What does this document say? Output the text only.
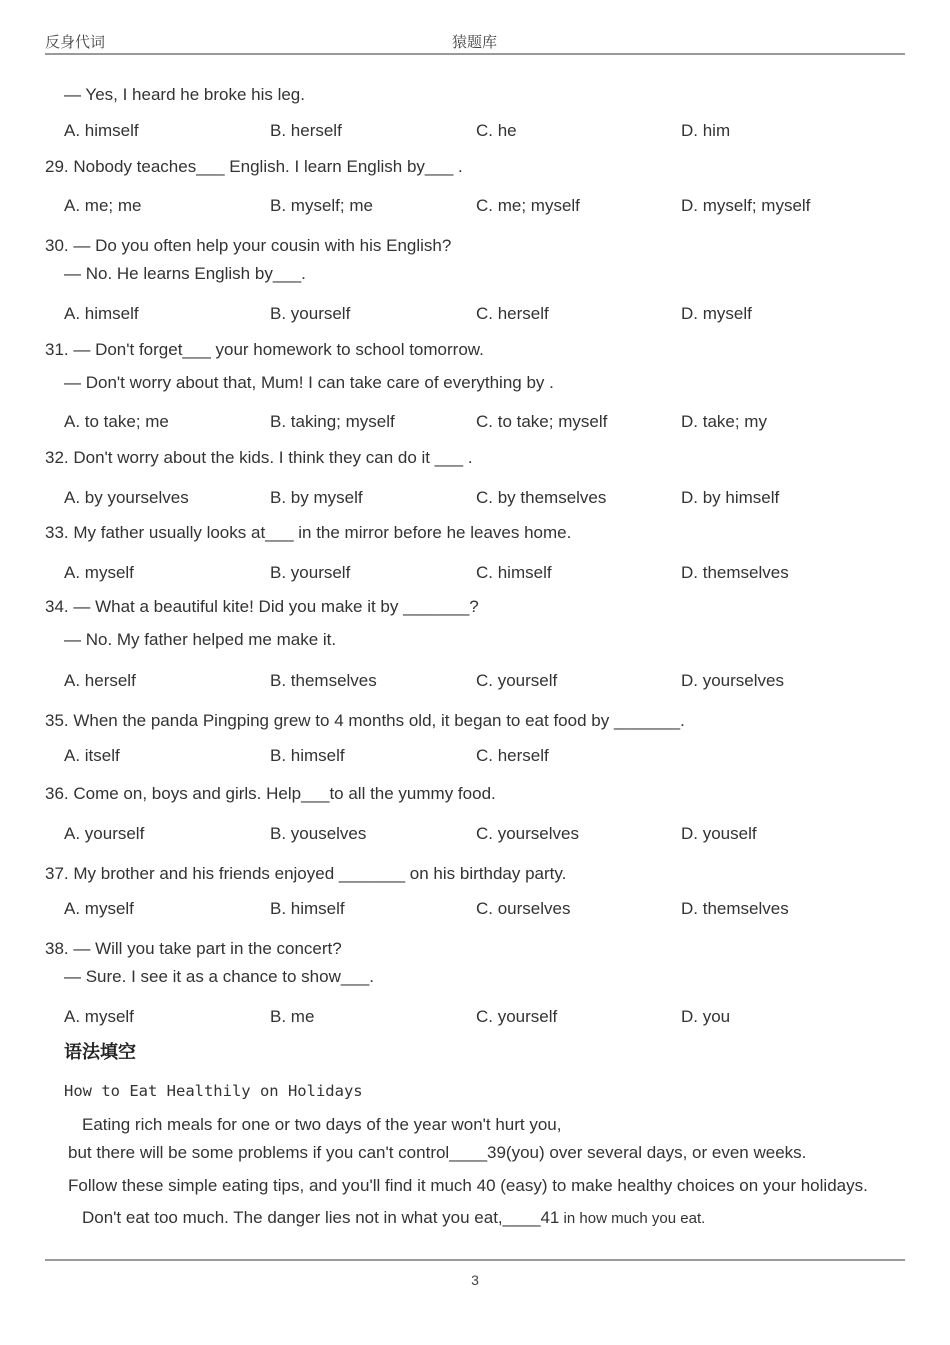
反身代词	猿题库
— Yes, I heard he broke his leg.
A. himself	B. herself	C. he	D. him
29. Nobody teaches___ English. I learn English by___ .
A. me; me	B. myself; me	C. me; myself	D. myself; myself
30. — Do you often help your cousin with his English?
— No. He learns English by___.
A. himself	B. yourself	C. herself	D. myself
31. — Don't forget___ your homework to school tomorrow.
— Don't worry about that, Mum! I can take care of everything by .
A. to take; me	B. taking; myself	C. to take; myself	D. take; my
32. Don't worry about the kids. I think they can do it ___ .
A. by yourselves	B. by myself	C. by themselves	D. by himself
33. My father usually looks at___ in the mirror before he leaves home.
A. myself	B. yourself	C. himself	D. themselves
34. — What a beautiful kite! Did you make it by _______?
— No. My father helped me make it.
A. herself	B. themselves	C. yourself	D. yourselves
35. When the panda Pingping grew to 4 months old, it began to eat food by _______.
A. itself	B. himself	C. herself
36. Come on, boys and girls. Help___to all the yummy food.
A. yourself	B. youselves	C. yourselves	D. youself
37. My brother and his friends enjoyed _______ on his birthday party.
A. myself	B. himself	C. ourselves	D. themselves
38. — Will you take part in the concert?
— Sure. I see it as a chance to show___.
A. myself	B. me	C. yourself	D. you
语法填空
How to Eat Healthily on Holidays
Eating rich meals for one or two days of the year won't hurt you,
but there will be some problems if you can't control____39(you) over several days, or even weeks.
Follow these simple eating tips, and you'll find it much 40 (easy) to make healthy choices on your holidays.
Don't eat too much. The danger lies not in what you eat,____41 in how much you eat.
3
